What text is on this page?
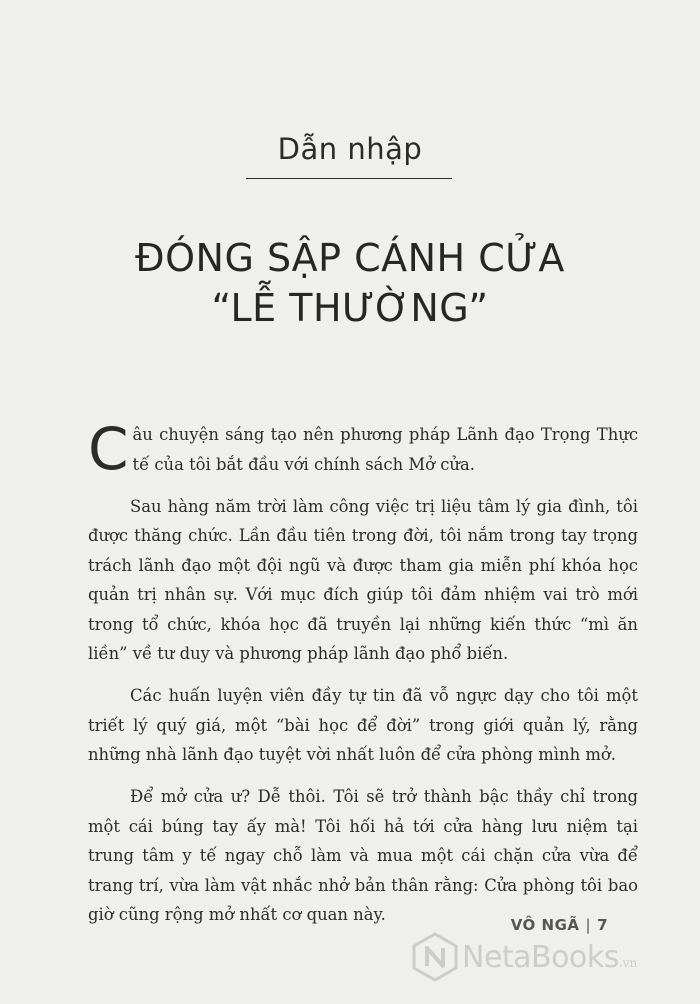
Dẫn nhập
ĐÓNG SẬP CÁNH CỬA
“LỄ THƯỜNG”

Câu chuyện sáng tạo nên phương pháp Lãnh đạo Trọng Thực tế của tôi bắt đầu với chính sách Mở cửa.

Sau hàng năm trời làm công việc trị liệu tâm lý gia đình, tôi được thăng chức. Lần đầu tiên trong đời, tôi nắm trong tay trọng trách lãnh đạo một đội ngũ và được tham gia miễn phí khóa học quản trị nhân sự. Với mục đích giúp tôi đảm nhiệm vai trò mới trong tổ chức, khóa học đã truyền lại những kiến thức “mì ăn liền” về tư duy và phương pháp lãnh đạo phổ biến.

Các huấn luyện viên đầy tự tin đã vỗ ngực dạy cho tôi một triết lý quý giá, một “bài học để đời” trong giới quản lý, rằng những nhà lãnh đạo tuyệt vời nhất luôn để cửa phòng mình mở.

Để mở cửa ư? Dễ thôi. Tôi sẽ trở thành bậc thầy chỉ trong một cái búng tay ấy mà! Tôi hối hả tới cửa hàng lưu niệm tại trung tâm y tế ngay chỗ làm và mua một cái chặn cửa vừa để trang trí, vừa làm vật nhắc nhở bản thân rằng: Cửa phòng tôi bao giờ cũng rộng mở nhất cơ quan này.

VÔ NGÃ | 7
NetaBooks .vn
